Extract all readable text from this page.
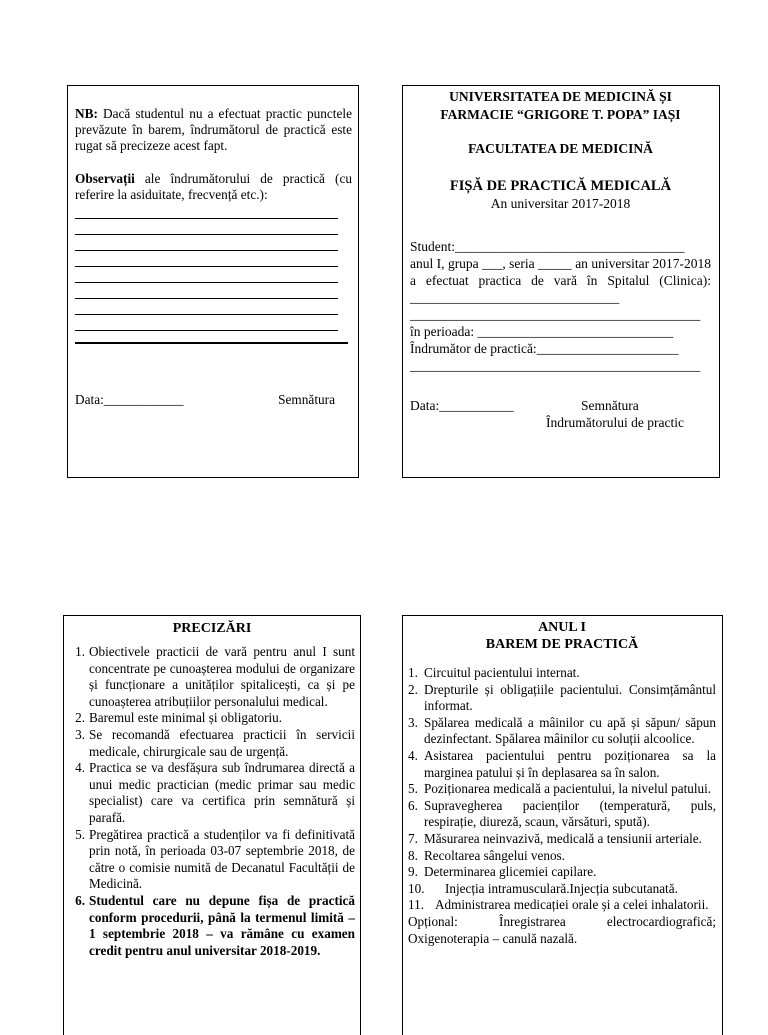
NB: Dacă studentul nu a efectuat practic punctele prevăzute în barem, îndrumătorul de practică este rugat să precizeze acest fapt.
Observații ale îndrumătorului de practică (cu referire la asiduitate, frecvență etc.):
Data:____________	Semnătura
UNIVERSITATEA DE MEDICINĂ ȘI
FARMACIE “GRIGORE T. POPA” IAȘI
FACULTATEA DE MEDICINĂ
FIȘĂ DE PRACTICĂ MEDICALĂ
An universitar 2017-2018
Student:__________________________________
anul I, grupa ___, seria _____ an universitar 2017-2018 a efectuat practica de vară în Spitalul (Clinica): _______________________________
___________________________________________
în perioada: _____________________________
Îndrumător de practică:_____________________
___________________________________________
Data:___________	Semnătura
Îndrumătorului de practic
PRECIZĂRI
1. Obiectivele practicii de vară pentru anul I sunt concentrate pe cunoașterea modului de organizare și funcționare a unităților spitalicești, ca și pe cunoașterea atribuțiilor personalului medical.
2. Baremul este minimal și obligatoriu.
3. Se recomandă efectuarea practicii în servicii medicale, chirurgicale sau de urgență.
4. Practica se va desfășura sub îndrumarea directă a unui medic practician (medic primar sau medic specialist) care va certifica prin semnătură și parafă.
5. Pregătirea practică a studenților va fi definitivată prin notă, în perioada 03-07 septembrie 2018, de către o comisie numită de Decanatul Facultății de Medicină.
6. Studentul care nu depune fișa de practică conform procedurii, până la termenul limită – 1 septembrie 2018 – va rămâne cu examen credit pentru anul universitar 2018-2019.
ANUL I
BAREM DE PRACTICĂ
1. Circuitul pacientului internat.
2. Drepturile și obligațiile pacientului. Consimțământul informat.
3. Spălarea medicală a mâinilor cu apă și săpun/ săpun dezinfectant. Spălarea mâinilor cu soluții alcoolice.
4. Asistarea pacientului pentru poziționarea sa la marginea patului și în deplasarea sa în salon.
5. Poziționarea medicală a pacientului, la nivelul patului.
6. Supravegherea pacienților (temperatură, puls, respirație, diureză, scaun, vărsături, spută).
7. Măsurarea neinvazivă, medicală a tensiunii arteriale.
8. Recoltarea sângelui venos.
9. Determinarea glicemiei capilare.
10.	Injecția intramusculară.Injecția subcutanată.
11. Administrarea medicației orale și a celei inhalatorii.
Opțional: Înregistrarea electrocardiografică; Oxigenoterapia – canulă nazală.
